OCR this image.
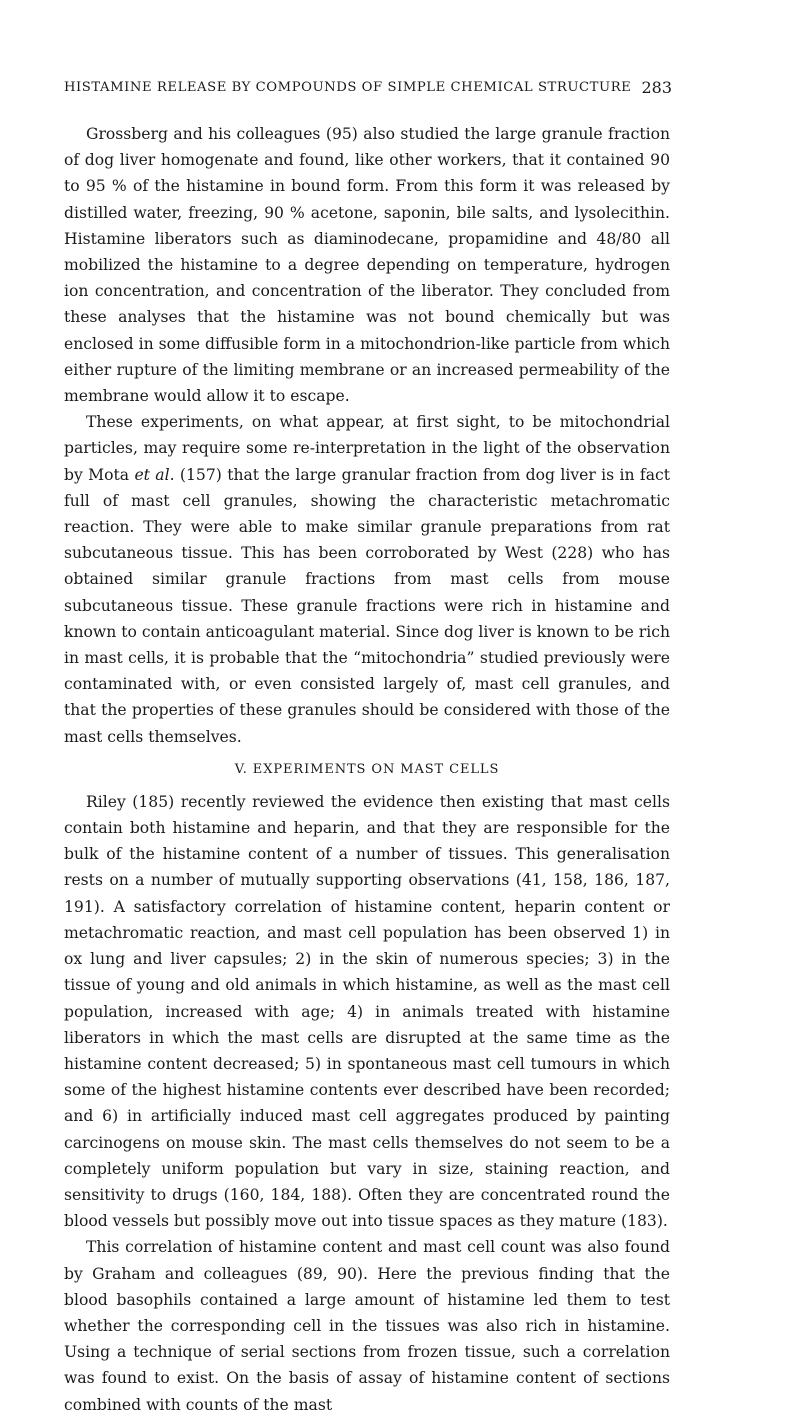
HISTAMINE RELEASE BY COMPOUNDS OF SIMPLE CHEMICAL STRUCTURE 283

Grossberg and his colleagues (95) also studied the large granule fraction of dog liver homogenate and found, like other workers, that it contained 90 to 95 % of the histamine in bound form. From this form it was released by distilled water, freezing, 90 % acetone, saponin, bile salts, and lysolecithin. Histamine liberators such as diaminodecane, propamidine and 48/80 all mobilized the histamine to a degree depending on temperature, hydrogen ion concentration, and concentration of the liberator. They concluded from these analyses that the histamine was not bound chemically but was enclosed in some diffusible form in a mitochondrion-like particle from which either rupture of the limiting membrane or an increased permeability of the membrane would allow it to escape.

These experiments, on what appear, at first sight, to be mitochondrial particles, may require some re-interpretation in the light of the observation by Mota et al. (157) that the large granular fraction from dog liver is in fact full of mast cell granules, showing the characteristic metachromatic reaction. They were able to make similar granule preparations from rat subcutaneous tissue. This has been corroborated by West (228) who has obtained similar granule fractions from mast cells from mouse subcutaneous tissue. These granule fractions were rich in histamine and known to contain anticoagulant material. Since dog liver is known to be rich in mast cells, it is probable that the “mitochondria” studied previously were contaminated with, or even consisted largely of, mast cell granules, and that the properties of these granules should be considered with those of the mast cells themselves.

V. EXPERIMENTS ON MAST CELLS

Riley (185) recently reviewed the evidence then existing that mast cells contain both histamine and heparin, and that they are responsible for the bulk of the histamine content of a number of tissues. This generalisation rests on a number of mutually supporting observations (41, 158, 186, 187, 191). A satisfactory correlation of histamine content, heparin content or metachromatic reaction, and mast cell population has been observed 1) in ox lung and liver capsules; 2) in the skin of numerous species; 3) in the tissue of young and old animals in which histamine, as well as the mast cell population, increased with age; 4) in animals treated with histamine liberators in which the mast cells are disrupted at the same time as the histamine content decreased; 5) in spontaneous mast cell tumours in which some of the highest histamine contents ever described have been recorded; and 6) in artificially induced mast cell aggregates produced by painting carcinogens on mouse skin. The mast cells themselves do not seem to be a completely uniform population but vary in size, staining reaction, and sensitivity to drugs (160, 184, 188). Often they are concentrated round the blood vessels but possibly move out into tissue spaces as they mature (183).

This correlation of histamine content and mast cell count was also found by Graham and colleagues (89, 90). Here the previous finding that the blood basophils contained a large amount of histamine led them to test whether the corresponding cell in the tissues was also rich in histamine. Using a technique of serial sections from frozen tissue, such a correlation was found to exist. On the basis of assay of histamine content of sections combined with counts of the mast
